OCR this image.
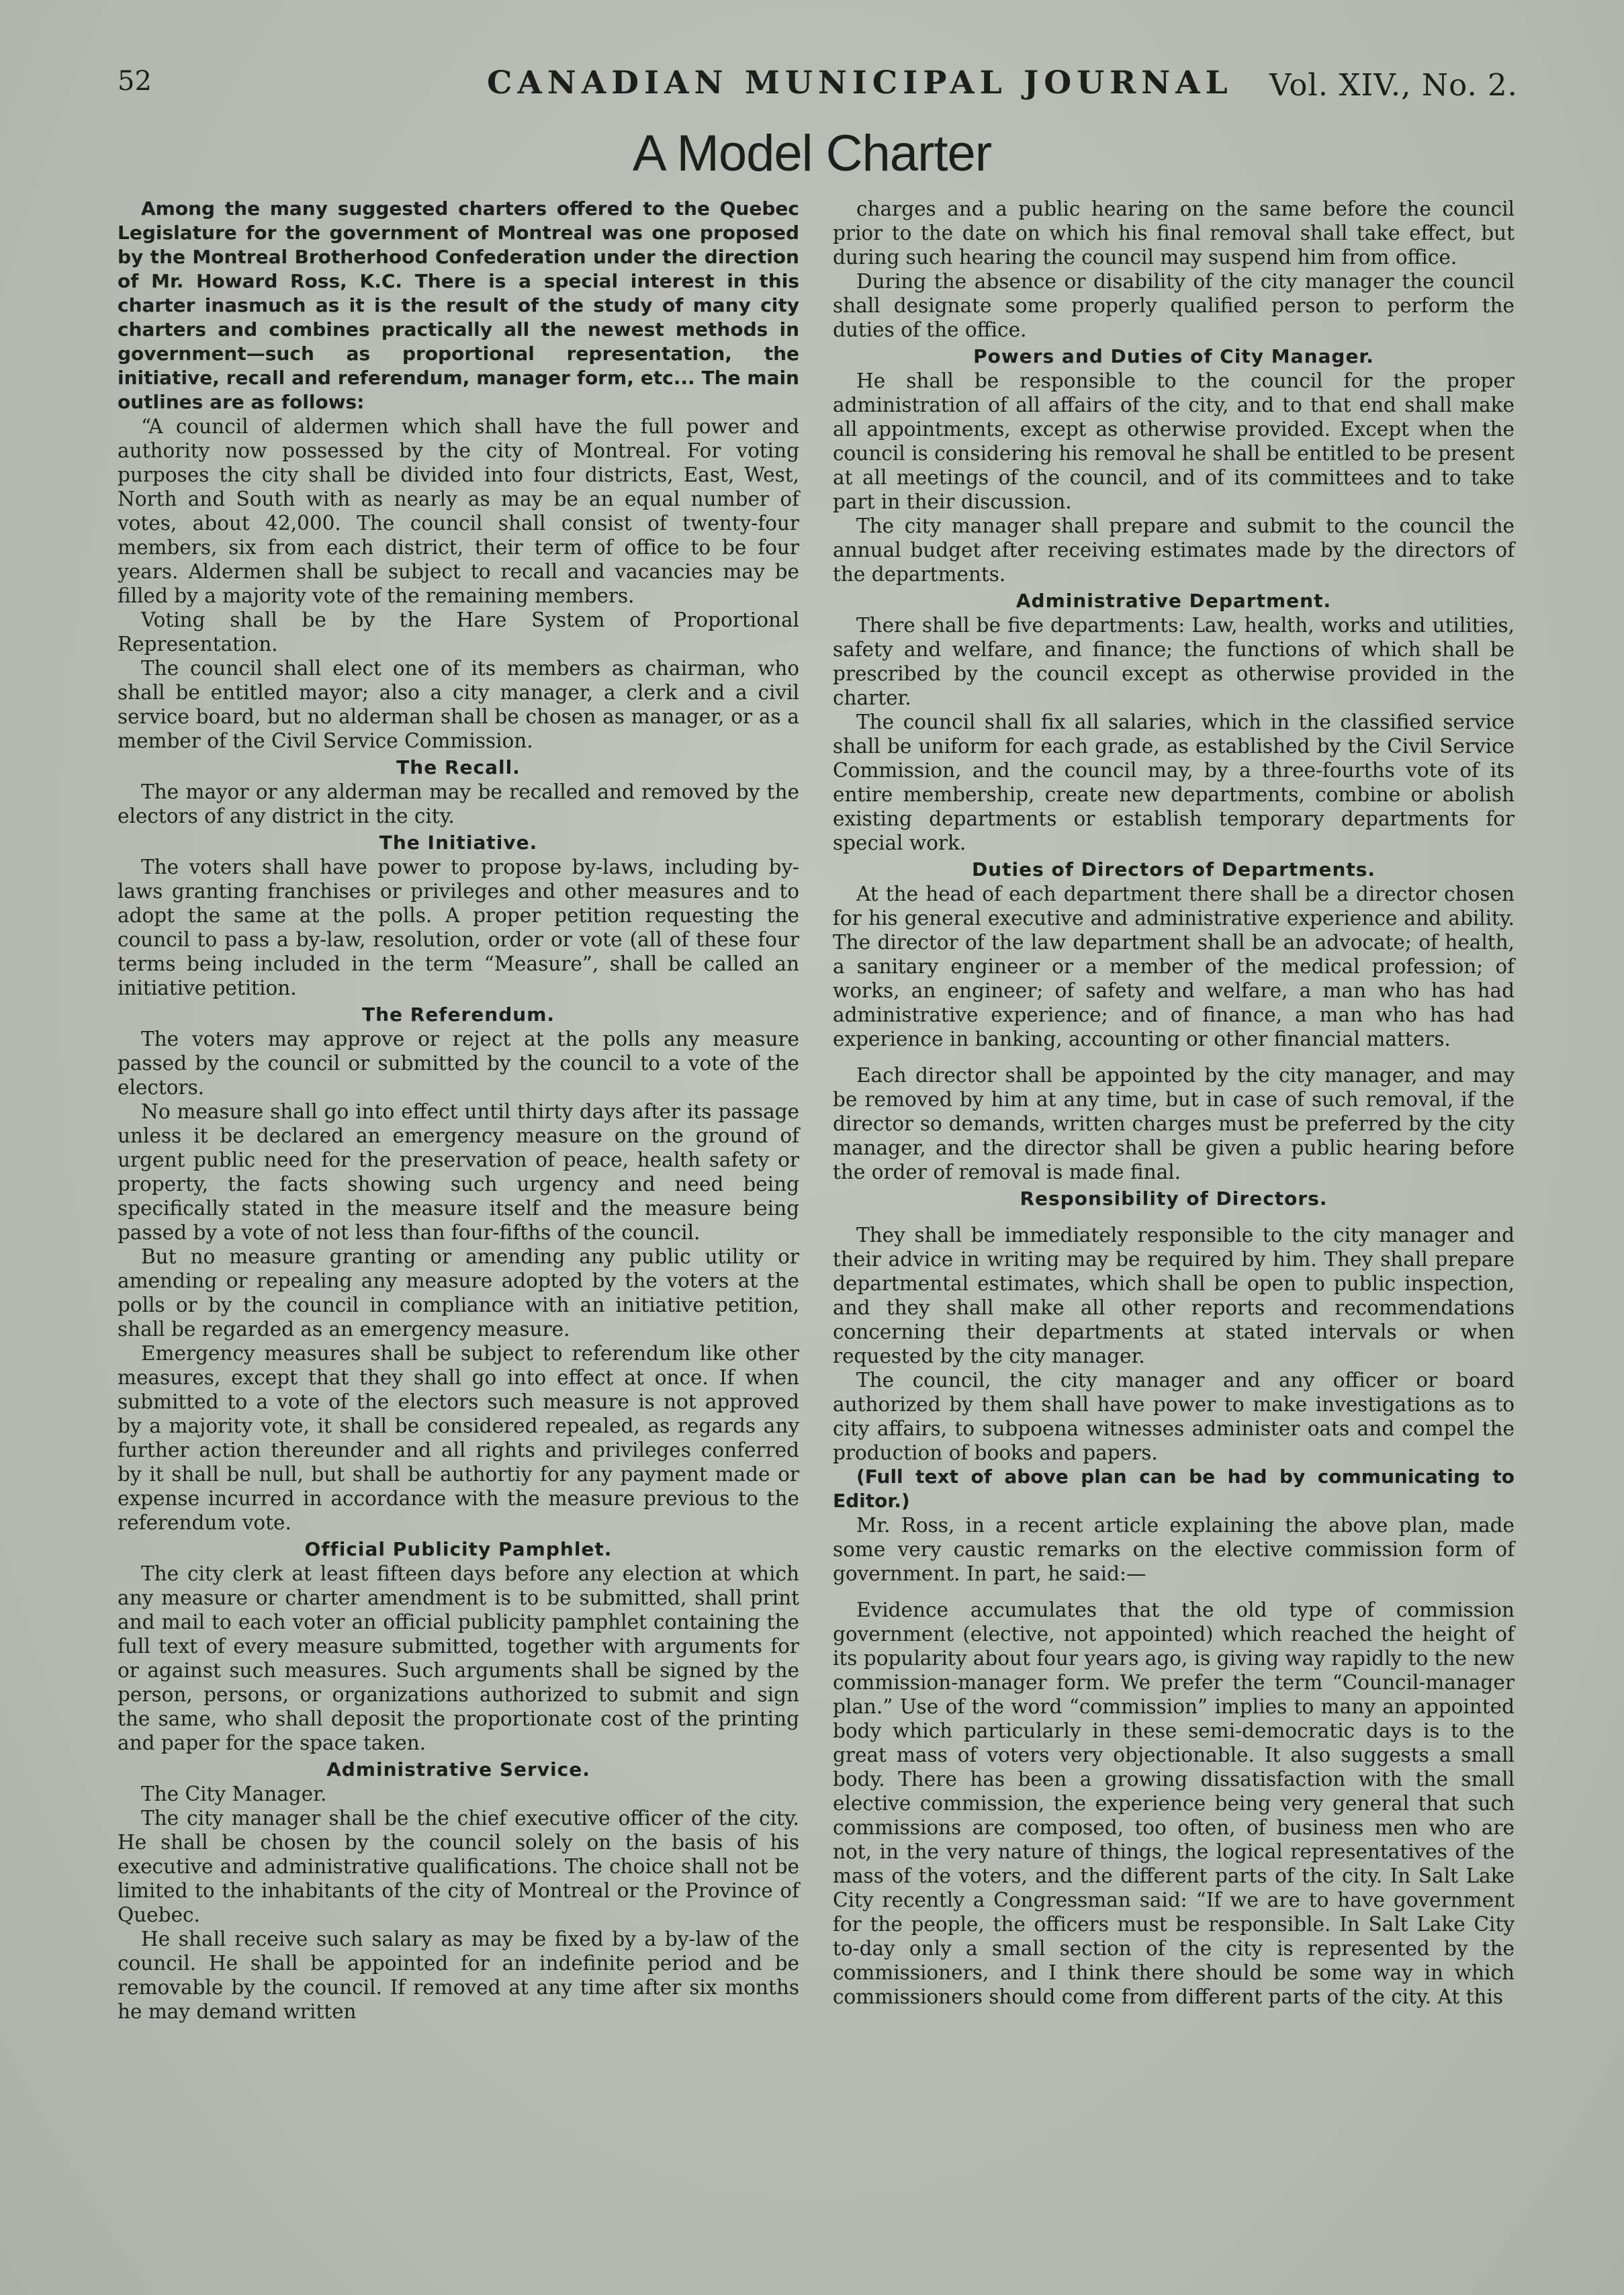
52	CANADIAN MUNICIPAL JOURNAL Vol. XIV., No. 2.
A Model Charter

Among the many suggested charters offered to the Quebec Legislature for the government of Montreal was one proposed by the Montreal Brotherhood Confederation under the direction of Mr. Howard Ross, K.C. There is a special interest in this charter inasmuch as it is the result of the study of many city charters and combines practically all the newest methods in government—such as proportional representation, the initiative, recall and referendum, manager form, etc... The main outlines are as follows:

“A council of aldermen which shall have the full power and authority now possessed by the city of Montreal. For voting purposes the city shall be divided into four districts, East, West, North and South with as nearly as may be an equal number of votes, about 42,000. The council shall consist of twenty-four members, six from each district, their term of office to be four years. Aldermen shall be subject to recall and vacancies may be filled by a majority vote of the remaining members.

Voting shall be by the Hare System of Proportional Representation.

The council shall elect one of its members as chairman, who shall be entitled mayor; also a city manager, a clerk and a civil service board, but no alderman shall be chosen as manager, or as a member of the Civil Service Commission.

The Recall.

The mayor or any alderman may be recalled and removed by the electors of any district in the city.

The Initiative.

The voters shall have power to propose by-laws, including by-laws granting franchises or privileges and other measures and to adopt the same at the polls. A proper petition requesting the council to pass a by-law, resolution, order or vote (all of these four terms being included in the term “Measure”, shall be called an initiative petition.

The Referendum.

The voters may approve or reject at the polls any measure passed by the council or submitted by the council to a vote of the electors.

No measure shall go into effect until thirty days after its passage unless it be declared an emergency measure on the ground of urgent public need for the preservation of peace, health safety or property, the facts showing such urgency and need being specifically stated in the measure itself and the measure being passed by a vote of not less than four-fifths of the council.

But no measure granting or amending any public utility or amending or repealing any measure adopted by the voters at the polls or by the council in compliance with an initiative petition, shall be regarded as an emergency measure.

Emergency measures shall be subject to referendum like other measures, except that they shall go into effect at once. If when submitted to a vote of the electors such measure is not approved by a majority vote, it shall be considered repealed, as regards any further action thereunder and all rights and privileges conferred by it shall be null, but shall be authortiy for any payment made or expense incurred in accordance with the measure previous to the referendum vote.

Official Publicity Pamphlet.

The city clerk at least fifteen days before any election at which any measure or charter amendment is to be submitted, shall print and mail to each voter an official publicity pamphlet containing the full text of every measure submitted, together with arguments for or against such measures. Such arguments shall be signed by the person, persons, or organizations authorized to submit and sign the same, who shall deposit the proportionate cost of the printing and paper for the space taken.

Administrative Service.

The City Manager.

The city manager shall be the chief executive officer of the city. He shall be chosen by the council solely on the basis of his executive and administrative qualifications. The choice shall not be limited to the inhabitants of the city of Montreal or the Province of Quebec.

He shall receive such salary as may be fixed by a by-law of the council. He shall be appointed for an indefinite period and be removable by the council. If removed at any time after six months he may demand written

charges and a public hearing on the same before the council prior to the date on which his final removal shall take effect, but during such hearing the council may suspend him from office.

During the absence or disability of the city manager the council shall designate some properly qualified person to perform the duties of the office.

Powers and Duties of City Manager.

He shall be responsible to the council for the proper administration of all affairs of the city, and to that end shall make all appointments, except as otherwise provided. Except when the council is considering his removal he shall be entitled to be present at all meetings of the council, and of its committees and to take part in their discussion.

The city manager shall prepare and submit to the council the annual budget after receiving estimates made by the directors of the departments.

Administrative Department.

There shall be five departments: Law, health, works and utilities, safety and welfare, and finance; the functions of which shall be prescribed by the council except as otherwise provided in the charter.

The council shall fix all salaries, which in the classified service shall be uniform for each grade, as established by the Civil Service Commission, and the council may, by a three-fourths vote of its entire membership, create new departments, combine or abolish existing departments or establish temporary departments for special work.

Duties of Directors of Departments.

At the head of each department there shall be a director chosen for his general executive and administrative experience and ability. The director of the law department shall be an advocate; of health, a sanitary engineer or a member of the medical profession; of works, an engineer; of safety and welfare, a man who has had administrative experience; and of finance, a man who has had experience in banking, accounting or other financial matters.

Each director shall be appointed by the city manager, and may be removed by him at any time, but in case of such removal, if the director so demands, written charges must be preferred by the city manager, and the director shall be given a public hearing before the order of removal is made final.

Responsibility of Directors.

They shall be immediately responsible to the city manager and their advice in writing may be required by him. They shall prepare departmental estimates, which shall be open to public inspection, and they shall make all other reports and recommendations concerning their departments at stated intervals or when requested by the city manager.

The council, the city manager and any officer or board authorized by them shall have power to make investigations as to city affairs, to subpoena witnesses administer oats and compel the production of books and papers.

(Full text of above plan can be had by communicating to Editor.)

Mr. Ross, in a recent article explaining the above plan, made some very caustic remarks on the elective commission form of government. In part, he said:—

Evidence accumulates that the old type of commission government (elective, not appointed) which reached the height of its popularity about four years ago, is giving way rapidly to the new commission-manager form. We prefer the term “Council-manager plan.” Use of the word “commission” implies to many an appointed body which particularly in these semi-democratic days is to the great mass of voters very objectionable. It also suggests a small body. There has been a growing dissatisfaction with the small elective commission, the experience being very general that such commissions are composed, too often, of business men who are not, in the very nature of things, the logical representatives of the mass of the voters, and the different parts of the city. In Salt Lake City recently a Congressman said: “If we are to have government for the people, the officers must be responsible. In Salt Lake City to-day only a small section of the city is represented by the commissioners, and I think there should be some way in which commissioners should come from different parts of the city. At this
